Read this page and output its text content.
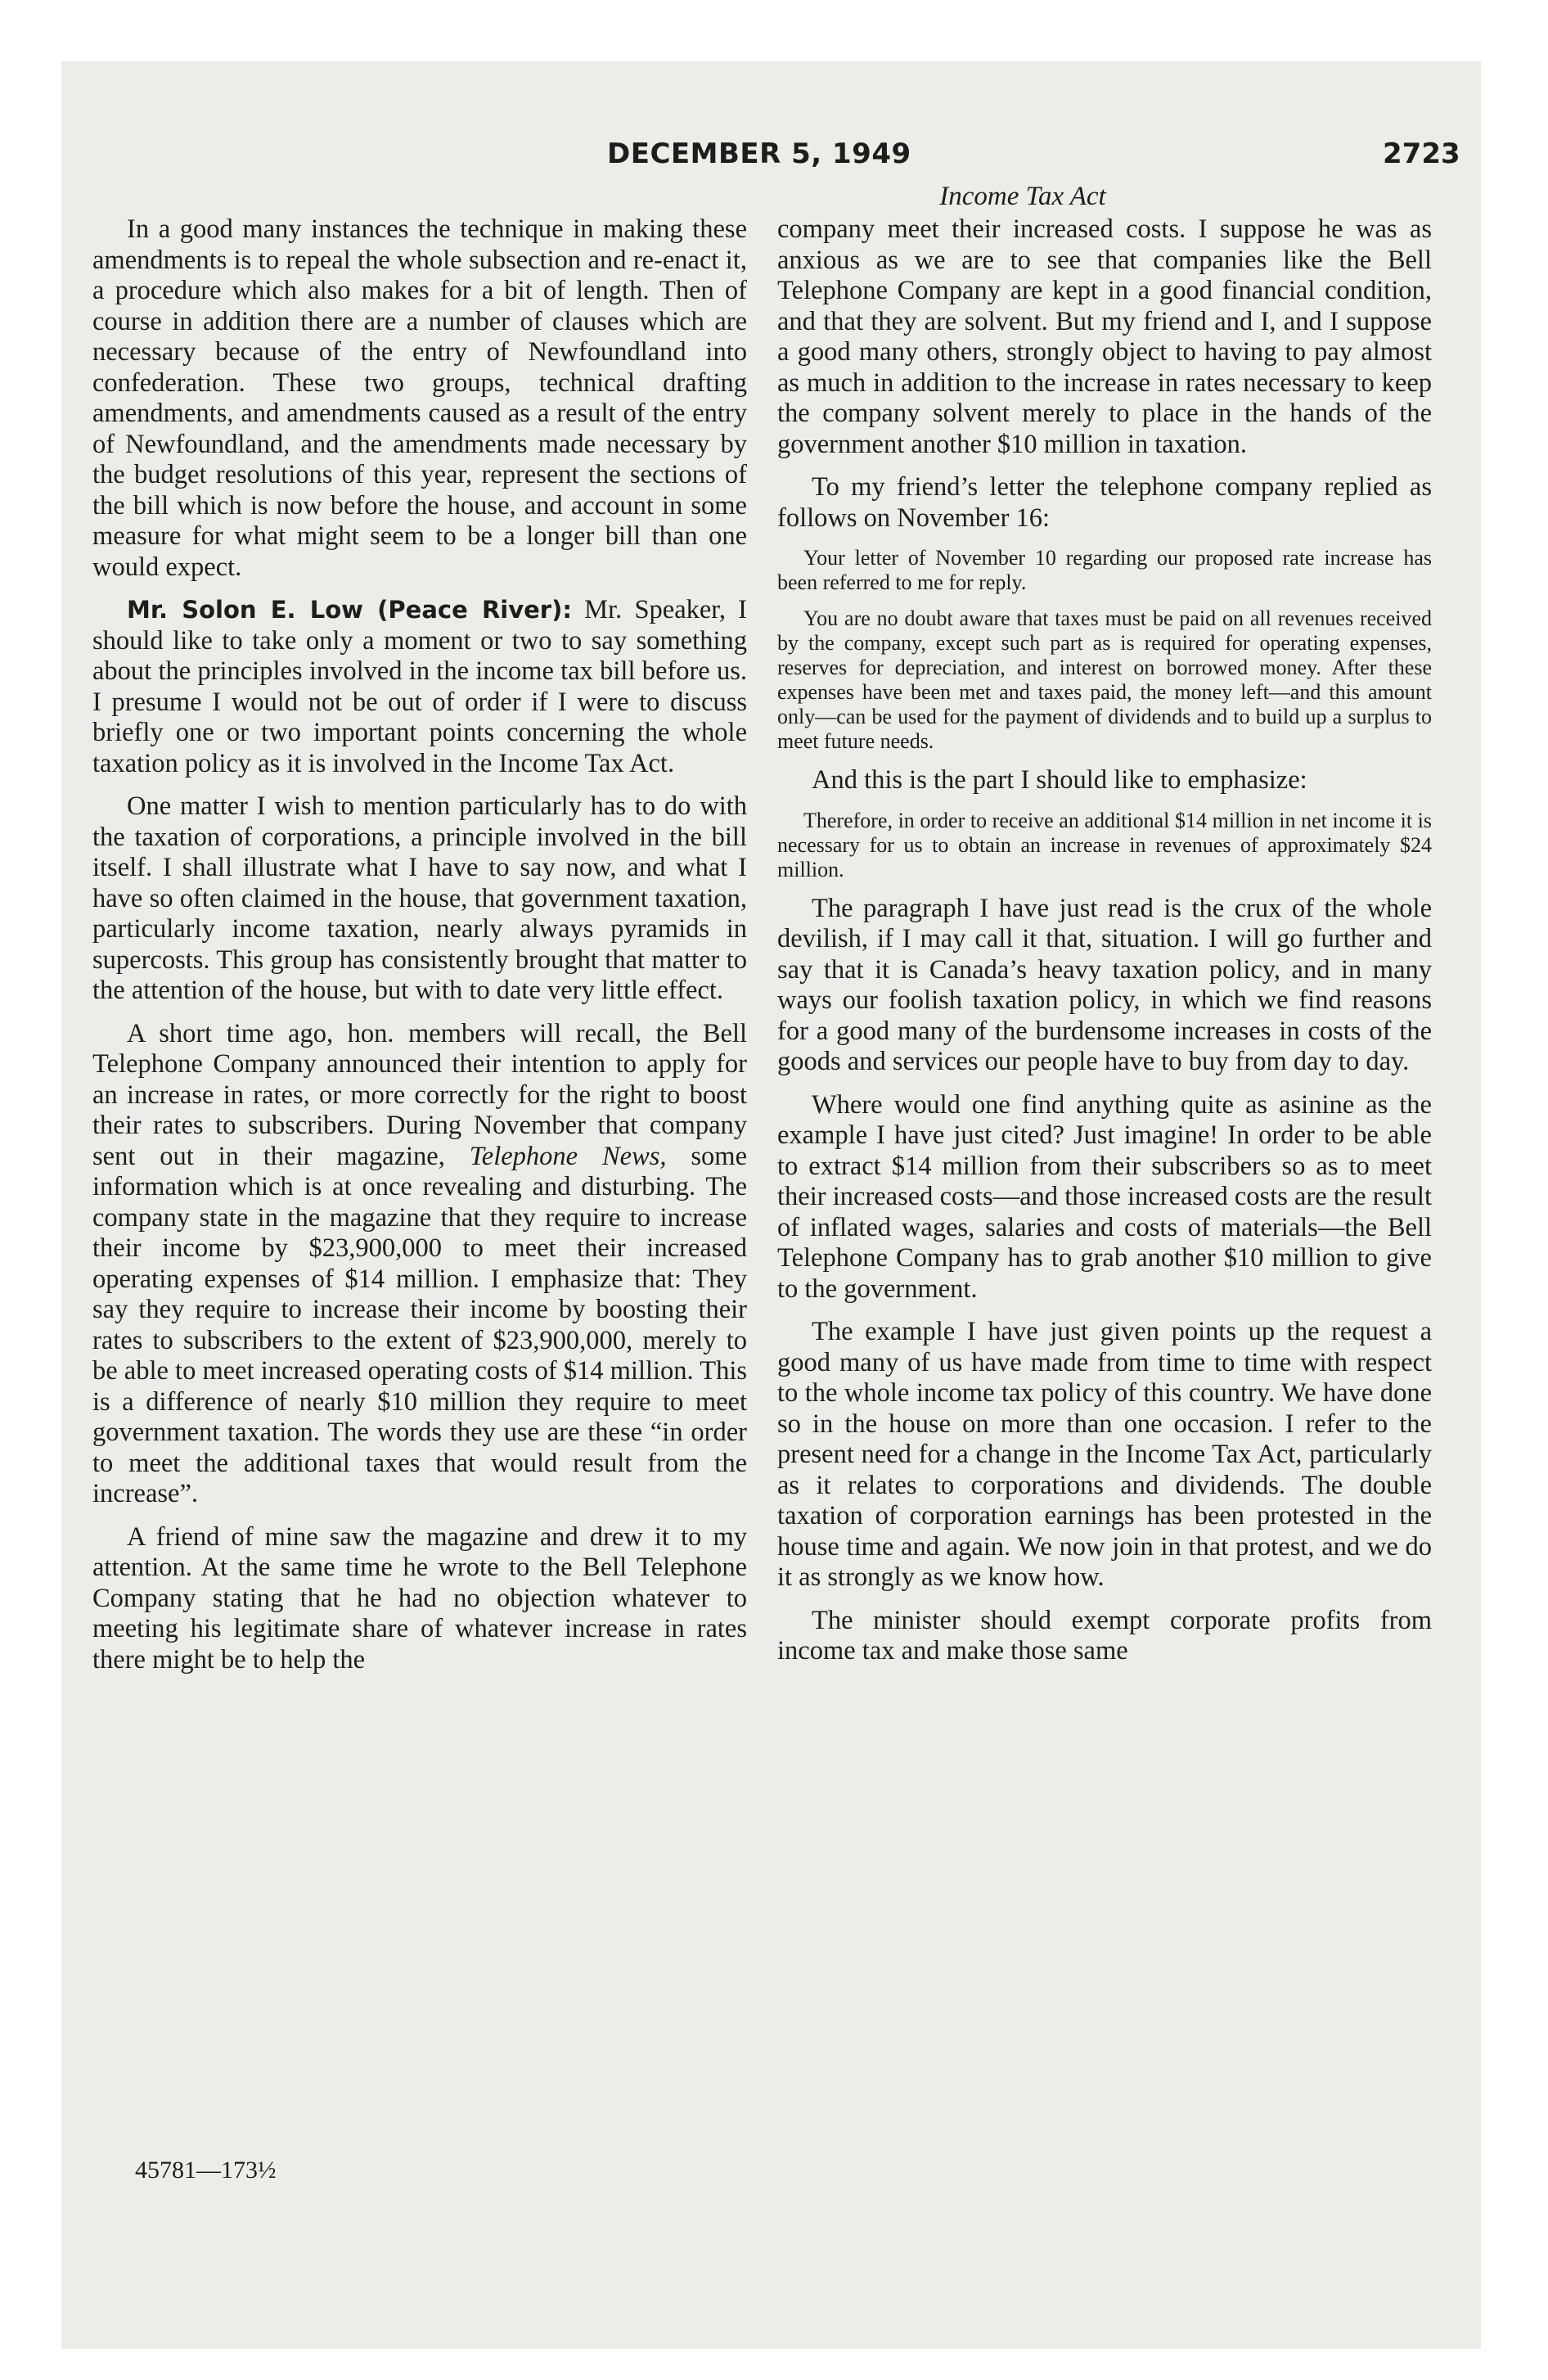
DECEMBER 5, 1949	2723
Income Tax Act

In a good many instances the technique in making these amendments is to repeal the whole subsection and re-enact it, a procedure which also makes for a bit of length. Then of course in addition there are a number of clauses which are necessary because of the entry of Newfoundland into confederation. These two groups, technical drafting amendments, and amendments caused as a result of the entry of Newfoundland, and the amendments made necessary by the budget resolutions of this year, represent the sections of the bill which is now before the house, and account in some measure for what might seem to be a longer bill than one would expect.

Mr. Solon E. Low (Peace River): Mr. Speaker, I should like to take only a moment or two to say something about the principles involved in the income tax bill before us. I presume I would not be out of order if I were to discuss briefly one or two important points concerning the whole taxation policy as it is involved in the Income Tax Act.

One matter I wish to mention particularly has to do with the taxation of corporations, a principle involved in the bill itself. I shall illustrate what I have to say now, and what I have so often claimed in the house, that government taxation, particularly income taxation, nearly always pyramids in supercosts. This group has consistently brought that matter to the attention of the house, but with to date very little effect.

A short time ago, hon. members will recall, the Bell Telephone Company announced their intention to apply for an increase in rates, or more correctly for the right to boost their rates to subscribers. During November that company sent out in their magazine, Telephone News, some information which is at once revealing and disturbing. The company state in the magazine that they require to increase their income by $23,900,000 to meet their increased operating expenses of $14 million. I emphasize that: They say they require to increase their income by boosting their rates to subscribers to the extent of $23,900,000, merely to be able to meet increased operating costs of $14 million. This is a difference of nearly $10 million they require to meet government taxation. The words they use are these “in order to meet the additional taxes that would result from the increase”.

A friend of mine saw the magazine and drew it to my attention. At the same time he wrote to the Bell Telephone Company stating that he had no objection whatever to meeting his legitimate share of whatever increase in rates there might be to help the

company meet their increased costs. I suppose he was as anxious as we are to see that companies like the Bell Telephone Company are kept in a good financial condition, and that they are solvent. But my friend and I, and I suppose a good many others, strongly object to having to pay almost as much in addition to the increase in rates necessary to keep the company solvent merely to place in the hands of the government another $10 million in taxation.

To my friend’s letter the telephone company replied as follows on November 16:

Your letter of November 10 regarding our proposed rate increase has been referred to me for reply.

You are no doubt aware that taxes must be paid on all revenues received by the company, except such part as is required for operating expenses, reserves for depreciation, and interest on borrowed money. After these expenses have been met and taxes paid, the money left—and this amount only—can be used for the payment of dividends and to build up a surplus to meet future needs.

And this is the part I should like to emphasize:

Therefore, in order to receive an additional $14 million in net income it is necessary for us to obtain an increase in revenues of approximately $24 million.

The paragraph I have just read is the crux of the whole devilish, if I may call it that, situation. I will go further and say that it is Canada’s heavy taxation policy, and in many ways our foolish taxation policy, in which we find reasons for a good many of the burdensome increases in costs of the goods and services our people have to buy from day to day.

Where would one find anything quite as asinine as the example I have just cited? Just imagine! In order to be able to extract $14 million from their subscribers so as to meet their increased costs—and those increased costs are the result of inflated wages, salaries and costs of materials—the Bell Telephone Company has to grab another $10 million to give to the government.

The example I have just given points up the request a good many of us have made from time to time with respect to the whole income tax policy of this country. We have done so in the house on more than one occasion. I refer to the present need for a change in the Income Tax Act, particularly as it relates to corporations and dividends. The double taxation of corporation earnings has been protested in the house time and again. We now join in that protest, and we do it as strongly as we know how.

The minister should exempt corporate profits from income tax and make those same

45781—173½
